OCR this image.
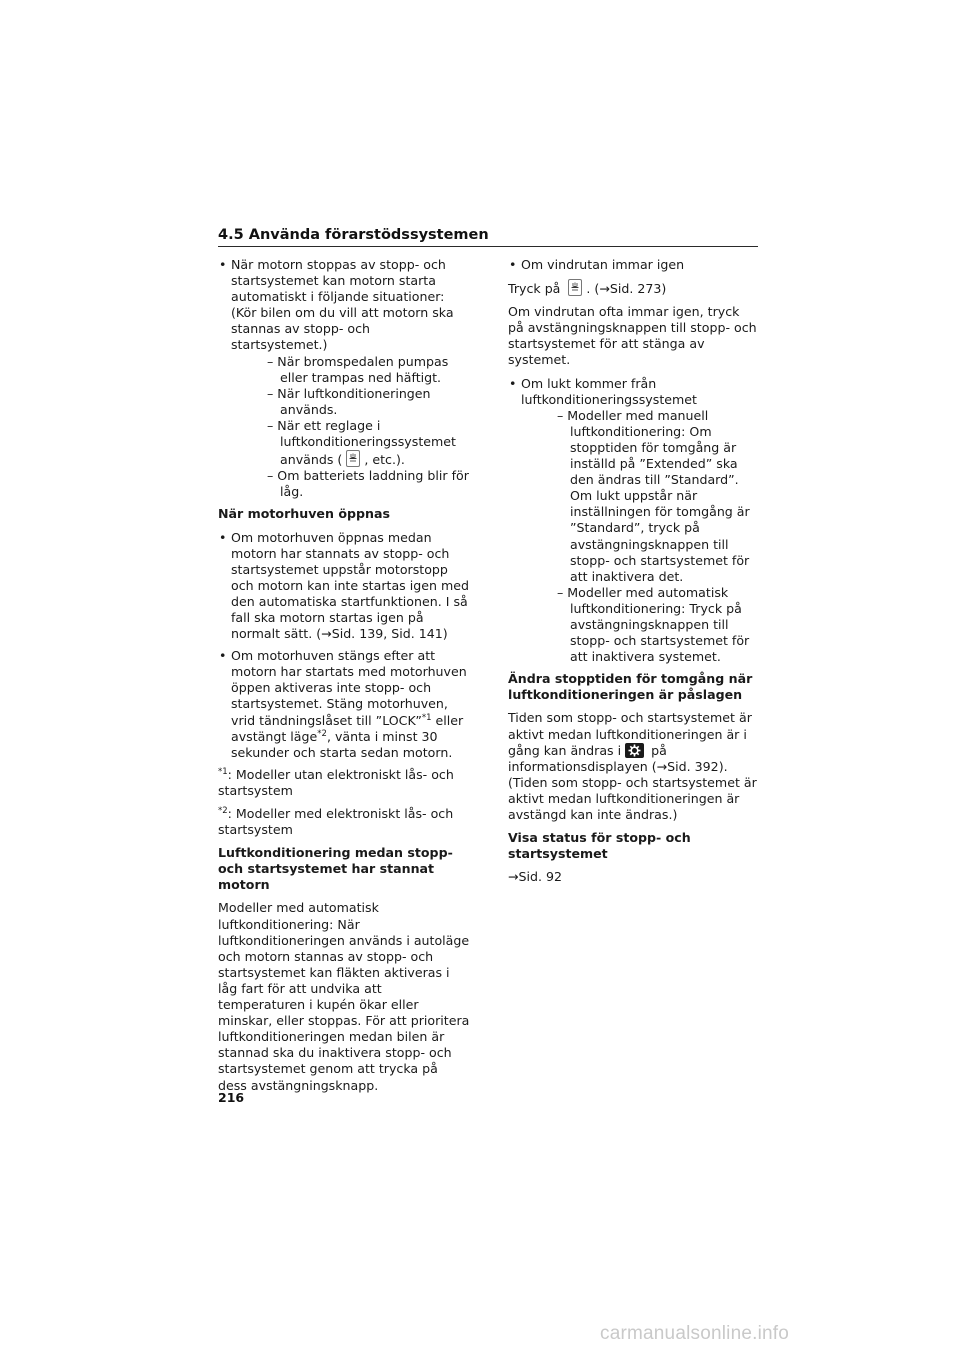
4.5 Använda förarstödssystemen
• När motorn stoppas av stopp- och startsystemet kan motorn starta automatiskt i följande situationer: (Kör bilen om du vill att motorn ska stannas av stopp- och startsystemet.)
– När bromspedalen pumpas eller trampas ned häftigt.
– När luftkonditioneringen används.
– När ett reglage i luftkonditioneringssystemet används ( , etc.).
– Om batteriets laddning blir för låg.
När motorhuven öppnas
• Om motorhuven öppnas medan motorn har stannats av stopp- och startsystemet uppstår motorstopp och motorn kan inte startas igen med den automatiska startfunktionen. I så fall ska motorn startas igen på normalt sätt. (→Sid. 139, Sid. 141)
• Om motorhuven stängs efter att motorn har startats med motorhuven öppen aktiveras inte stopp- och startsystemet. Stäng motorhuven, vrid tändningslåset till ”LOCK”$^{*1}$ eller avstängt läge$^{*2}$, vänta i minst 30 sekunder och starta sedan motorn.

$^{*1}$: Modeller utan elektroniskt lås- och startsystem

$^{*2}$: Modeller med elektroniskt lås- och startsystem

Luftkonditionering medan stopp- och startsystemet har stannat motorn

Modeller med automatisk luftkonditionering: När luftkonditioneringen används i autoläge och motorn stannas av stopp- och startsystemet kan fläkten aktiveras i låg fart för att undvika att temperaturen i kupén ökar eller minskar, eller stoppas. För att prioritera luftkonditioneringen medan bilen är stannad ska du inaktivera stopp- och startsystemet genom att trycka på dess avstängningsknapp.

• Om vindrutan immar igen

Tryck på . (→Sid. 273)

Om vindrutan ofta immar igen, tryck på avstängningsknappen till stopp- och startsystemet för att stänga av systemet.

• Om lukt kommer från luftkonditioneringssystemet
– Modeller med manuell luftkonditionering: Om stopptiden för tomgång är inställd på ”Extended” ska den ändras till ”Standard”. Om lukt uppstår när inställningen för tomgång är ”Standard”, tryck på avstängningsknappen till stopp- och startsystemet för att inaktivera det.
– Modeller med automatisk luftkonditionering: Tryck på avstängningsknappen till stopp- och startsystemet för att inaktivera systemet.
Ändra stopptiden för tomgång när luftkonditioneringen är påslagen

Tiden som stopp- och startsystemet är aktivt medan luftkonditioneringen är i gång kan ändras i på informationsdisplayen (→Sid. 392). (Tiden som stopp- och startsystemet är aktivt medan luftkonditioneringen är avstängd kan inte ändras.)

Visa status för stopp- och startsystemet

→Sid. 92

216
carmanualsonline.info
